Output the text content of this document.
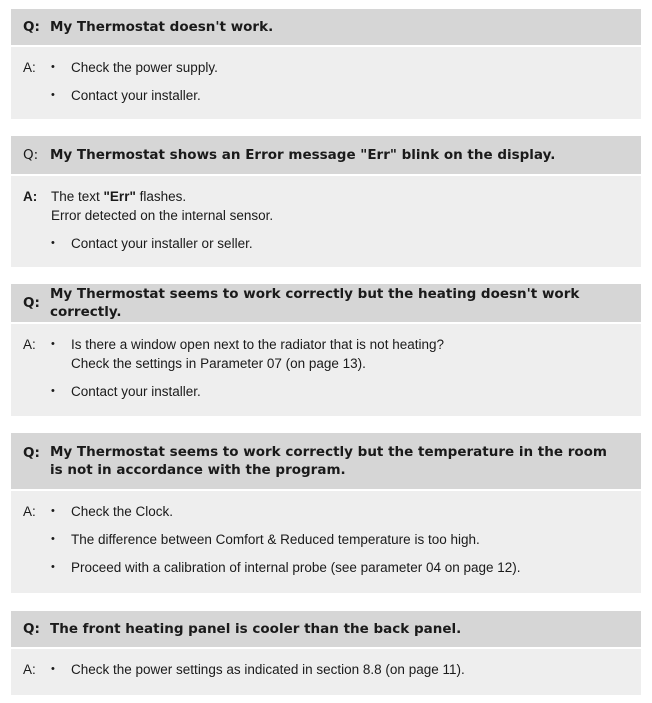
Q: My Thermostat doesn't work.
A: • Check the power supply.
• Contact your installer.
Q: My Thermostat shows an Error message "Err" blink on the display.
A:	The text "Err" flashes.
Error detected on the internal sensor.
• Contact your installer or seller.
Q:
My Thermostat seems to work correctly but the heating doesn't work correctly.
A: • Is there a window open next to the radiator that is not heating?
Check the settings in Parameter 07 (on page 13).
• Contact your installer.
Q: My Thermostat seems to work correctly but the temperature in the room
is not in accordance with the program.
A: • Check the Clock.
• The difference between Comfort & Reduced temperature is too high.
• Proceed with a calibration of internal probe (see parameter 04 on page 12).
Q: The front heating panel is cooler than the back panel.
A: • Check the power settings as indicated in section 8.8 (on page 11).
